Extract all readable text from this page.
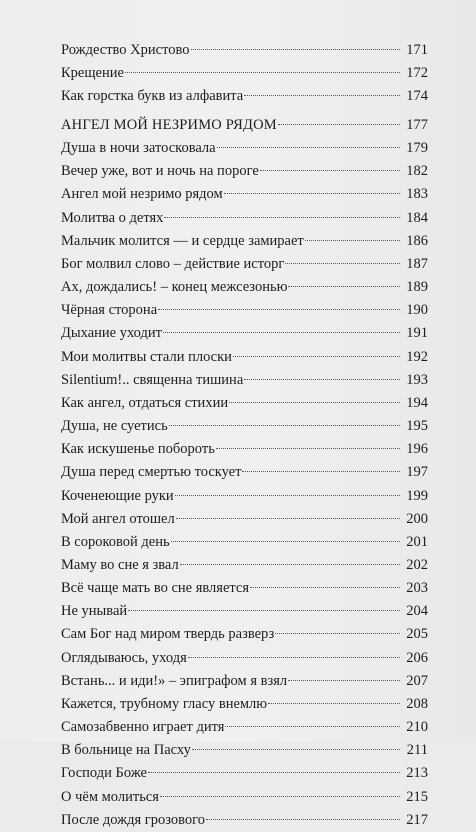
Рождество Христово	171
Крещение	172
Как горстка букв из алфавита	174
АНГЕЛ МОЙ НЕЗРИМО РЯДОМ	177
Душа в ночи затосковала	179
Вечер уже, вот и ночь на пороге	182
Ангел мой незримо рядом	183
Молитва о детях	184
Мальчик молится — и сердце замирает	186
Бог молвил слово – действие исторг	187
Ах, дождались! – конец межсезонью	189
Чёрная сторона	190
Дыхание уходит	191
Мои молитвы стали плоски	192
Silentium!.. священна тишина	193
Как ангел, отдаться стихии	194
Душа, не суетись	195
Как искушенье побороть	196
Душа перед смертью тоскует	197
Коченеющие руки	199
Мой ангел отошел	200
В сороковой день	201
Маму во сне я звал	202
Всё чаще мать во сне является	203
Не унывай	204
Сам Бог над миром твердь разверз	205
Оглядываюсь, уходя	206
Встань... и иди!» – эпиграфом я взял	207
Кажется, трубному гласу внемлю	208
Самозабвенно играет дитя	210
В больнице на Пасху	211
Господи Боже	213
О чём молиться	215
После дождя грозового	217
